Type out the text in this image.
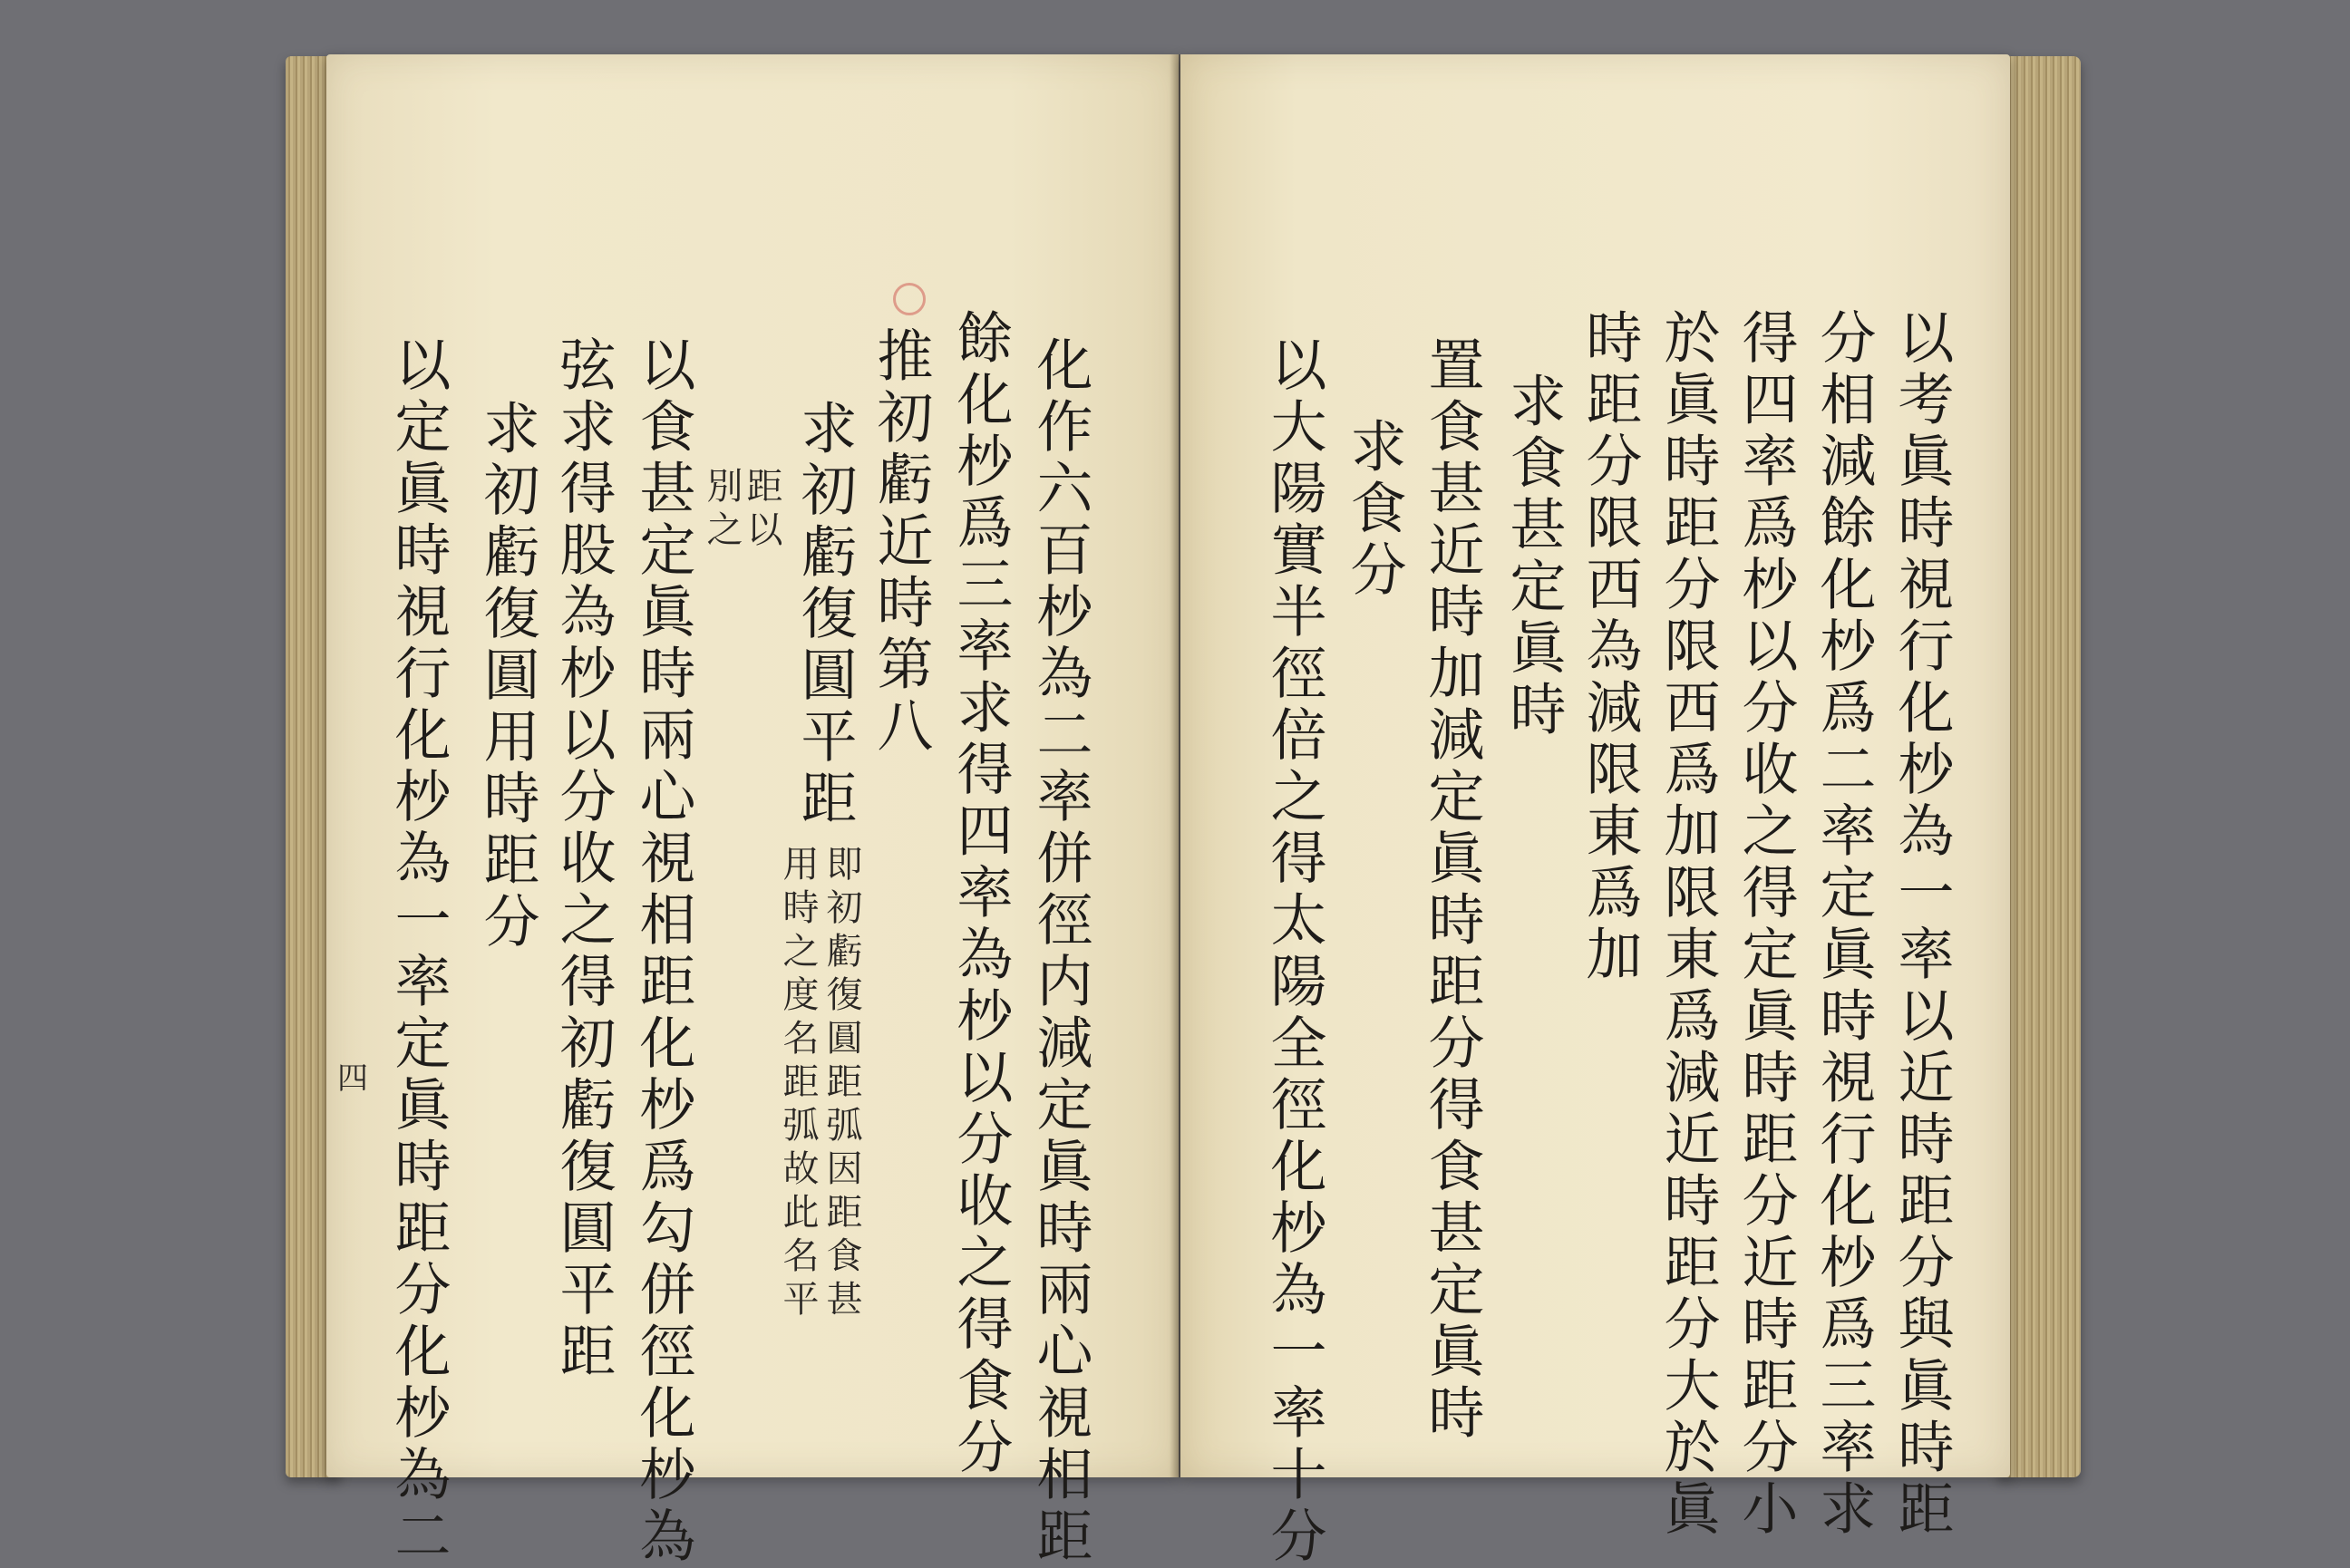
化作六百杪為二率併徑内減定眞時兩心視相距
餘化杪爲三率求得四率為杪以分收之得食分
推初虧近時第八
求初虧復圓平距
即初虧復圓距弧因距食甚
用時之度名距弧故此名平
距以
別之
以食甚定眞時兩心視相距化杪爲勾併徑化杪為
弦求得股為杪以分收之得初虧復圓平距
求初虧復圓用時距分
以定眞時視行化杪為一率定眞時距分化杪為二
四	以考眞時視行化杪為一率以近時距分與眞時距
分相減餘化杪爲二率定眞時視行化杪爲三率求
得四率爲杪以分收之得定眞時距分近時距分小
於眞時距分限西爲加限東爲減近時距分大於眞
時距分限西為減限東爲加
求食甚定眞時
置食甚近時加減定眞時距分得食甚定眞時
求食分
以大陽實半徑倍之得太陽全徑化杪為一率十分
